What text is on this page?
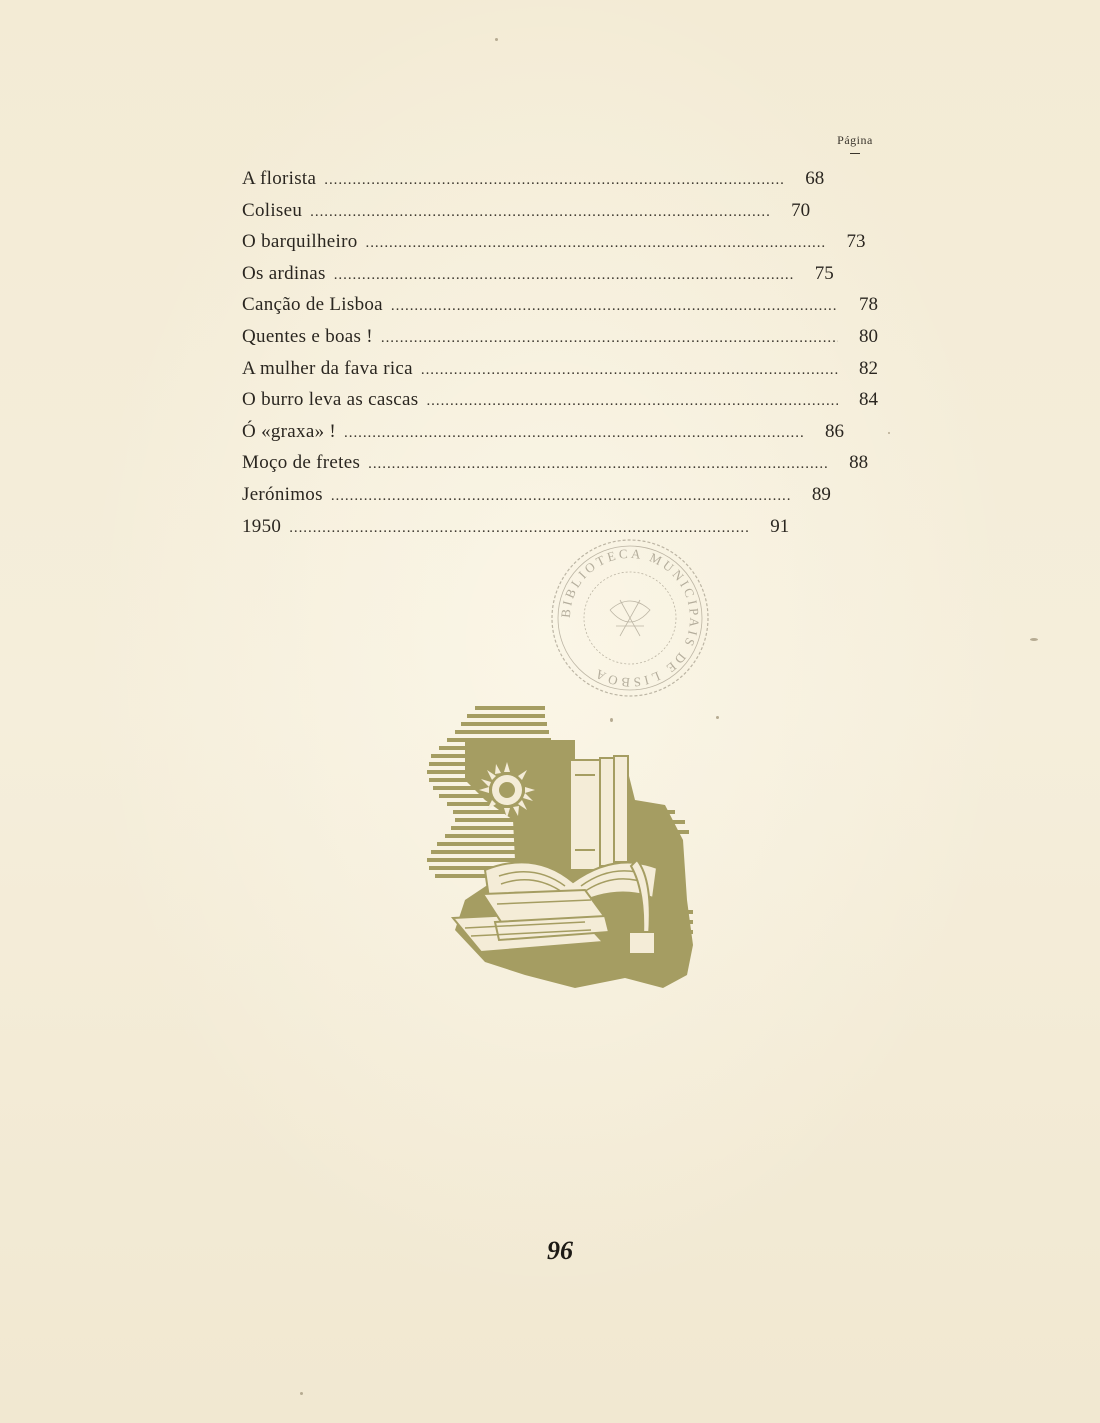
Página
A florista . . .	68
Coliseu . . .	70
O barquilheiro . . .	73
Os ardinas . . .	75
Canção de Lisboa . . .	78
Quentes e boas ! . . .	80
A mulher da fava rica . . .	82
O burro leva as cascas . . .	84
Ó «graxa» ! . . .	86
Moço de fretes . . .	88
Jerónimos . . .	89
1950 . . .	91
BIBLIOTECA MUNICIPAIS DE LISBOA
96
